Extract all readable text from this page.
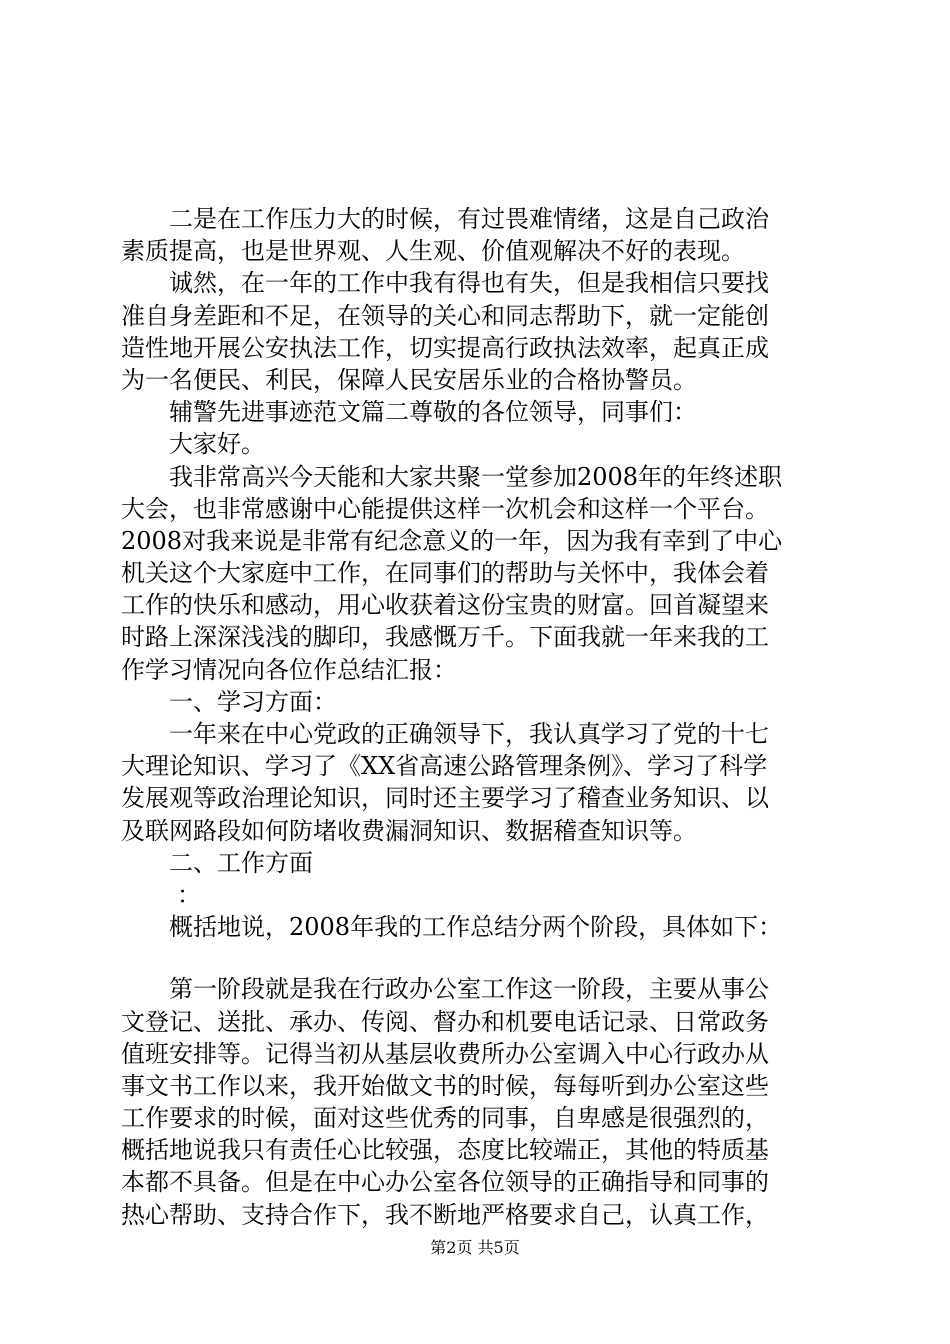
　　二是在工作压力大的时候，有过畏难情绪，这是自己政治
素质提高，也是世界观、人生观、价值观解决不好的表现。
　　诚然，在一年的工作中我有得也有失，但是我相信只要找
准自身差距和不足，在领导的关心和同志帮助下，就一定能创
造性地开展公安执法工作，切实提高行政执法效率，起真正成
为一名便民、利民，保障人民安居乐业的合格协警员。
　　辅警先进事迹范文篇二尊敬的各位领导，同事们：
　　大家好。
　　我非常高兴今天能和大家共聚一堂参加2008年的年终述职
大会，也非常感谢中心能提供这样一次机会和这样一个平台。
2008对我来说是非常有纪念意义的一年，因为我有幸到了中心
机关这个大家庭中工作，在同事们的帮助与关怀中，我体会着
工作的快乐和感动，用心收获着这份宝贵的财富。回首凝望来
时路上深深浅浅的脚印，我感慨万千。下面我就一年来我的工
作学习情况向各位作总结汇报：
　　一、学习方面：
　　一年来在中心党政的正确领导下，我认真学习了党的十七
大理论知识、学习了《XX省高速公路管理条例》、学习了科学
发展观等政治理论知识，同时还主要学习了稽查业务知识、以
及联网路段如何防堵收费漏洞知识、数据稽查知识等。
　　二、工作方面
：
　　概括地说，2008年我的工作总结分两个阶段，具体如下：
　　第一阶段就是我在行政办公室工作这一阶段，主要从事公
文登记、送批、承办、传阅、督办和机要电话记录、日常政务
值班安排等。记得当初从基层收费所办公室调入中心行政办从
事文书工作以来，我开始做文书的时候，每每听到办公室这些
工作要求的时候，面对这些优秀的同事，自卑感是很强烈的，
概括地说我只有责任心比较强，态度比较端正，其他的特质基
本都不具备。但是在中心办公室各位领导的正确指导和同事的
热心帮助、支持合作下，我不断地严格要求自己，认真工作，
第2页 共5页
